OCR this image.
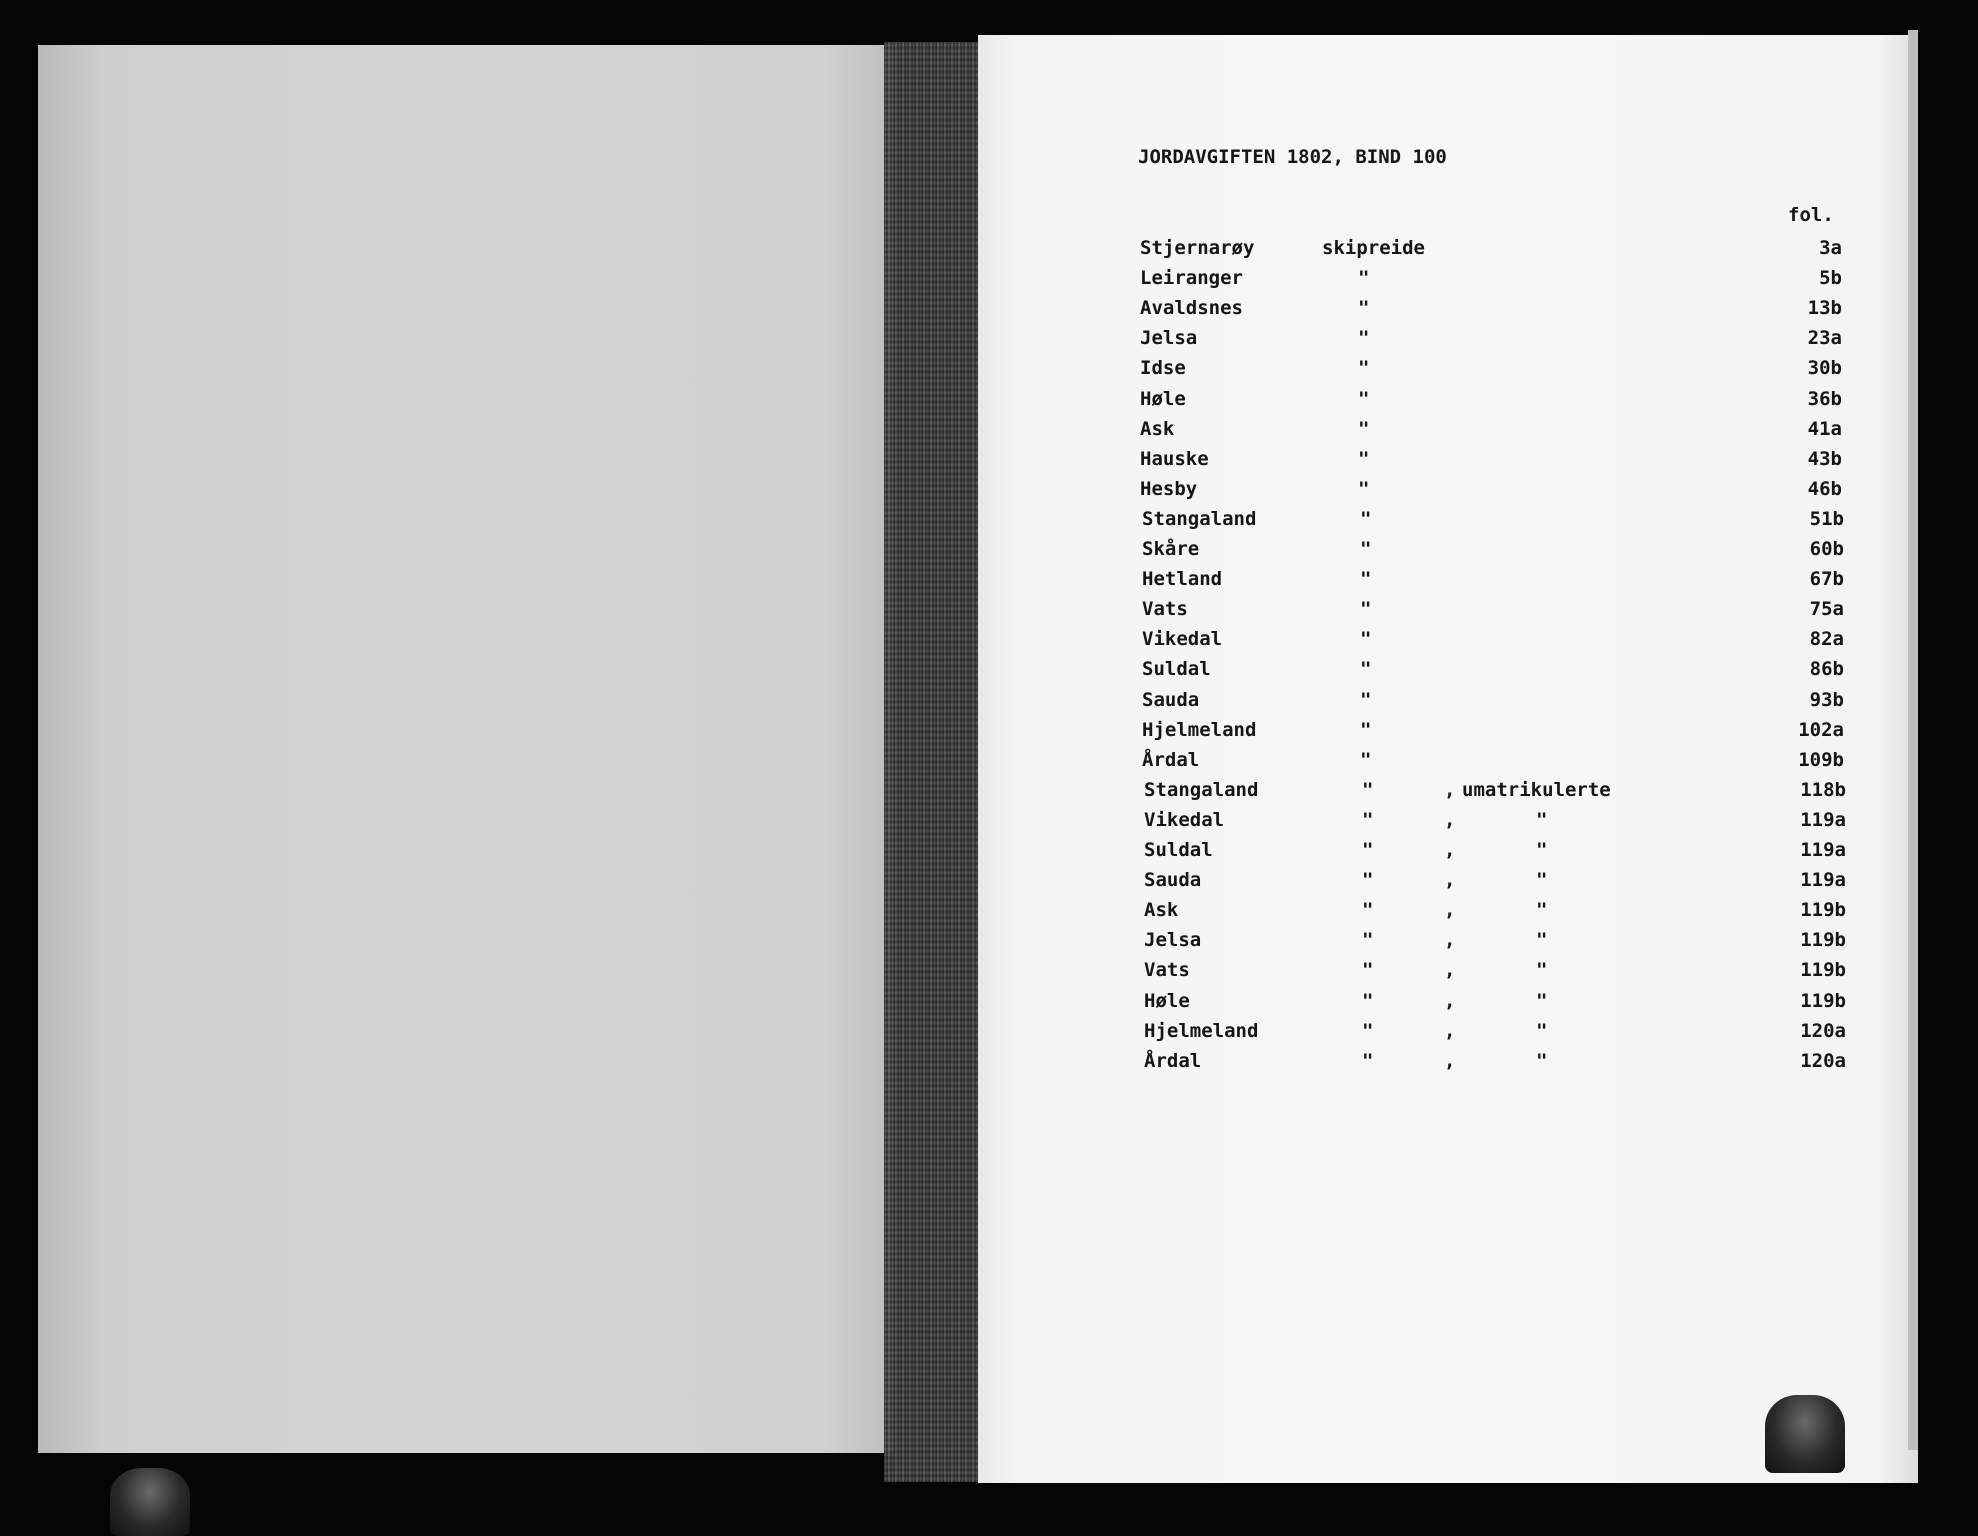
JORDAVGIFTEN 1802, BIND 100
fol.
Stjernarøy	skipreide	3a
Leiranger	"	5b
Avaldsnes	"	13b
Jelsa	"	23a
Idse	"	30b
Høle	"	36b
Ask	"	41a
Hauske	"	43b
Hesby	"	46b
Stangaland	"	51b
Skåre	"	60b
Hetland	"	67b
Vats	"	75a
Vikedal	"	82a
Suldal	"	86b
Sauda	"	93b
Hjelmeland	"	102a
Årdal	"	109b
Stangaland	"	, umatrikulerte	118b
Vikedal	"	,	"	119a
Suldal	"	,	"	119a
Sauda	"	,	"	119a
Ask	"	,	"	119b
Jelsa	"	,	"	119b
Vats	"	,	"	119b
Høle	"	,	"	119b
Hjelmeland	"	,	"	120a
Årdal	"	,	"	120a
